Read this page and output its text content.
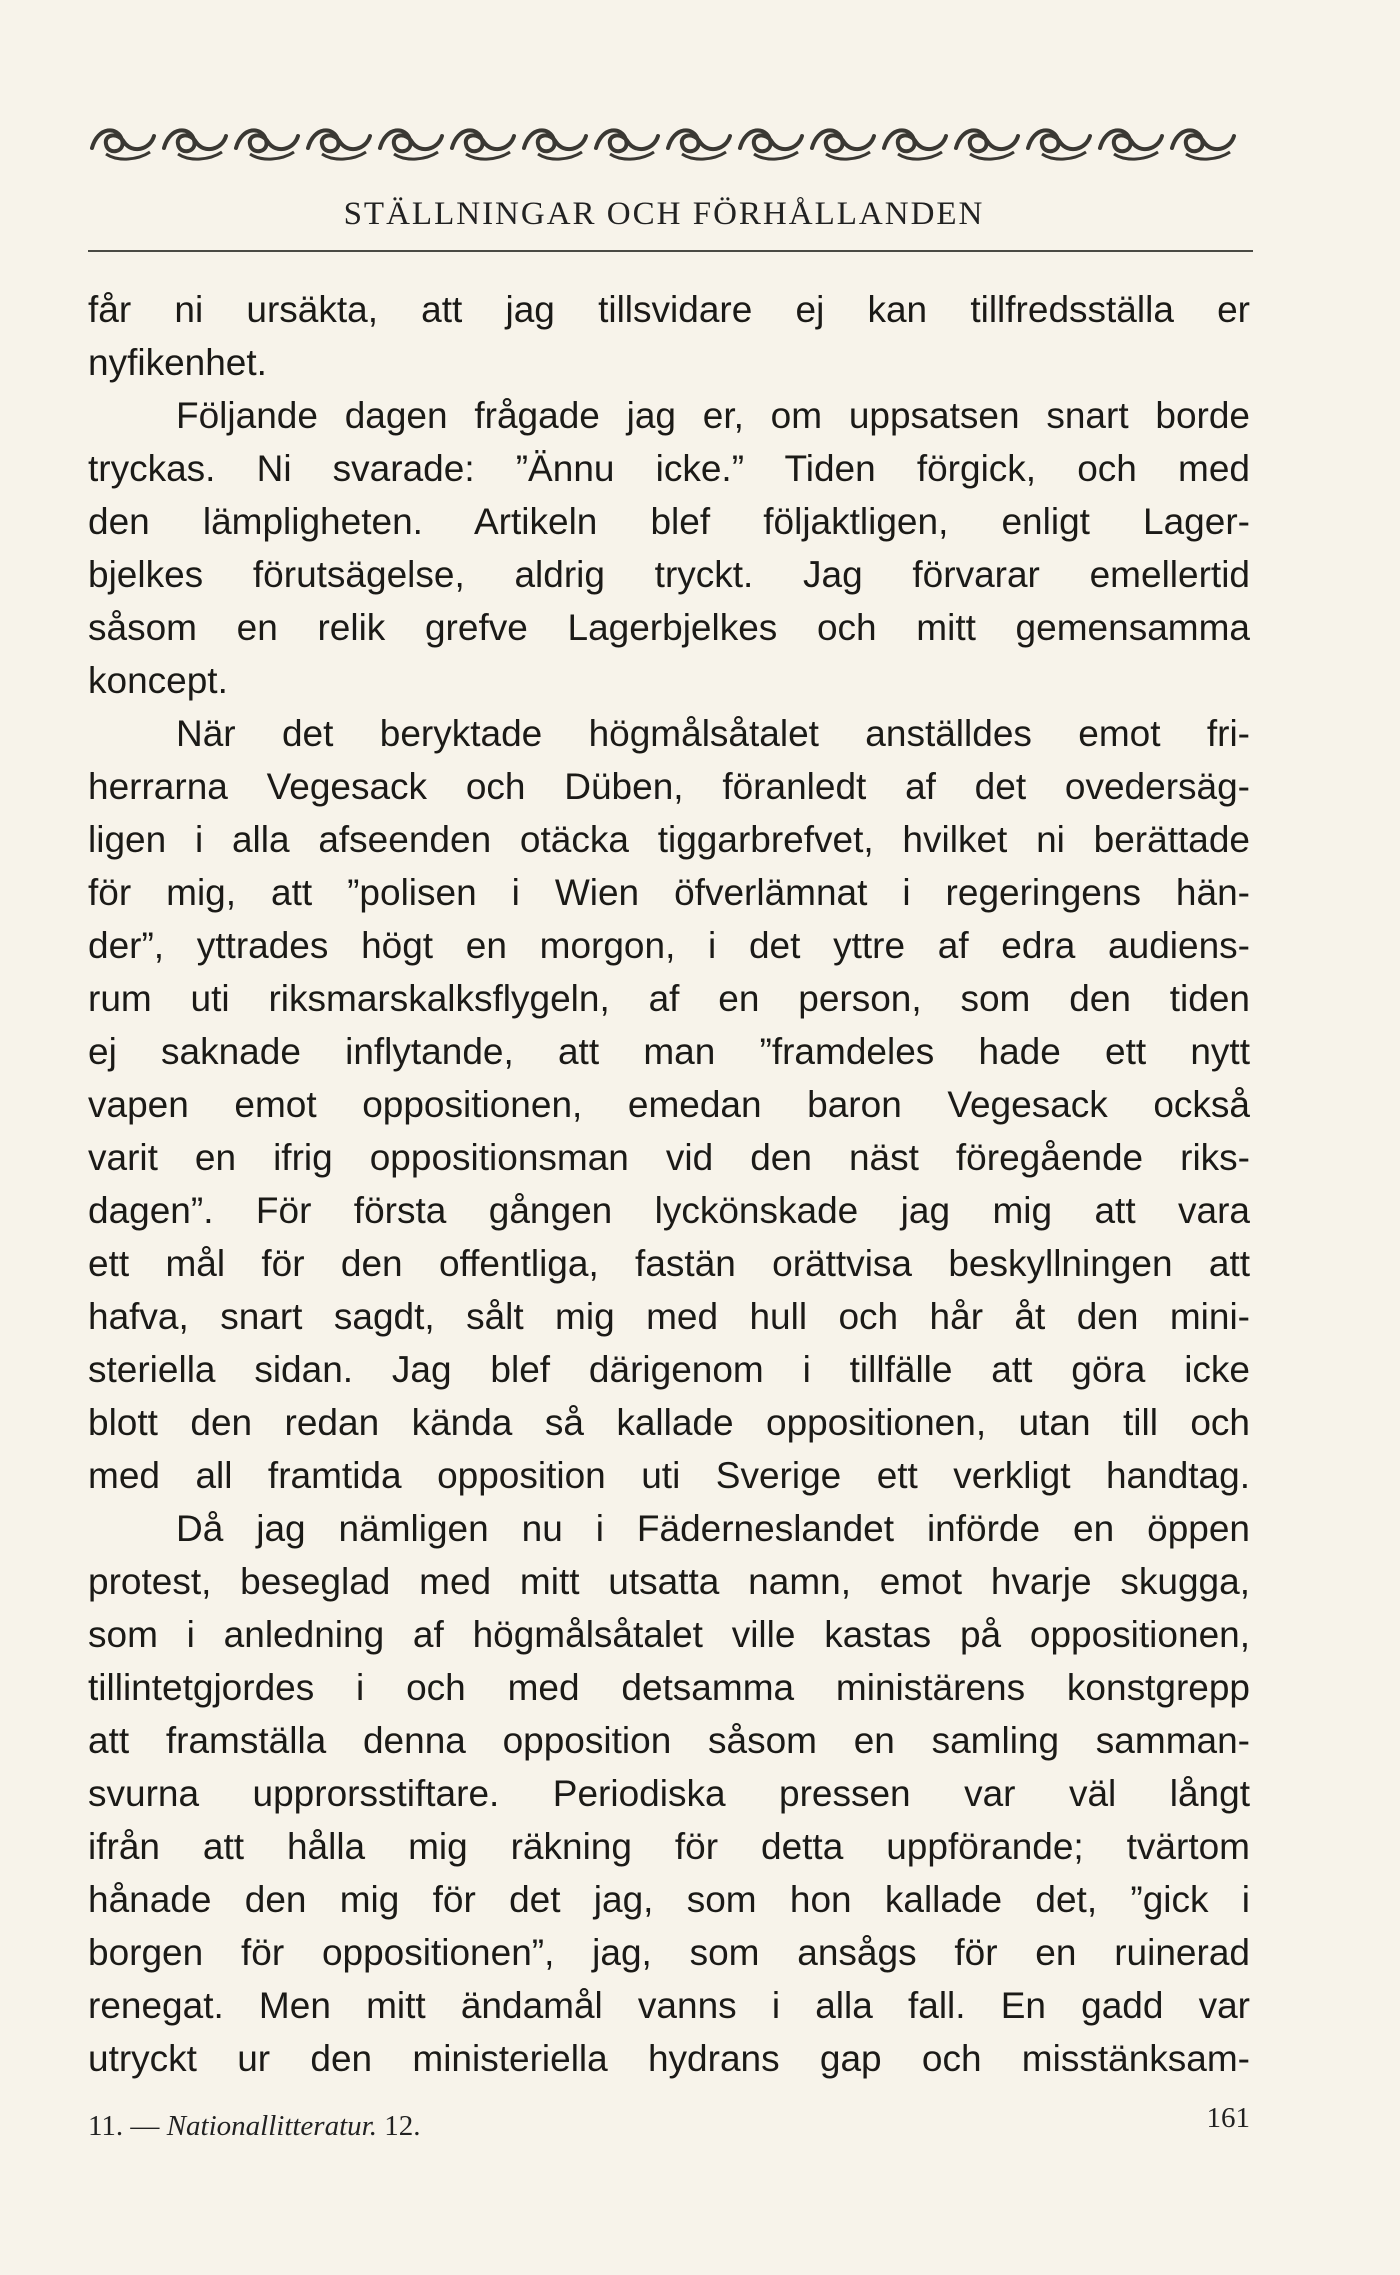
STÄLLNINGAR OCH FÖRHÅLLANDEN
får ni ursäkta, att jag tillsvidare ej kan tillfredsställa er
nyfikenhet.
Följande dagen frågade jag er, om uppsatsen snart borde
tryckas. Ni svarade: ”Ännu icke.” Tiden förgick, och med
den lämpligheten. Artikeln blef följaktligen, enligt Lager-
bjelkes förutsägelse, aldrig tryckt. Jag förvarar emellertid
såsom en relik grefve Lagerbjelkes och mitt gemensamma
koncept.
När det beryktade högmålsåtalet anställdes emot fri-
herrarna Vegesack och Düben, föranledt af det ovedersäg-
ligen i alla afseenden otäcka tiggarbrefvet, hvilket ni berättade
för mig, att ”polisen i Wien öfverlämnat i regeringens hän-
der”, yttrades högt en morgon, i det yttre af edra audiens-
rum uti riksmarskalksflygeln, af en person, som den tiden
ej saknade inflytande, att man ”framdeles hade ett nytt
vapen emot oppositionen, emedan baron Vegesack också
varit en ifrig oppositionsman vid den näst föregående riks-
dagen”. För första gången lyckönskade jag mig att vara
ett mål för den offentliga, fastän orättvisa beskyllningen att
hafva, snart sagdt, sålt mig med hull och hår åt den mini-
steriella sidan. Jag blef därigenom i tillfälle att göra icke
blott den redan kända så kallade oppositionen, utan till och
med all framtida opposition uti Sverige ett verkligt handtag.
Då jag nämligen nu i Fäderneslandet införde en öppen
protest, beseglad med mitt utsatta namn, emot hvarje skugga,
som i anledning af högmålsåtalet ville kastas på oppositionen,
tillintetgjordes i och med detsamma ministärens konstgrepp
att framställa denna opposition såsom en samling samman-
svurna upprorsstiftare. Periodiska pressen var väl långt
ifrån att hålla mig räkning för detta uppförande; tvärtom
hånade den mig för det jag, som hon kallade det, ”gick i
borgen för oppositionen”, jag, som ansågs för en ruinerad
renegat. Men mitt ändamål vanns i alla fall. En gadd var
utryckt ur den ministeriella hydrans gap och misstänksam-
11. — Nationallitteratur. 12.	161
